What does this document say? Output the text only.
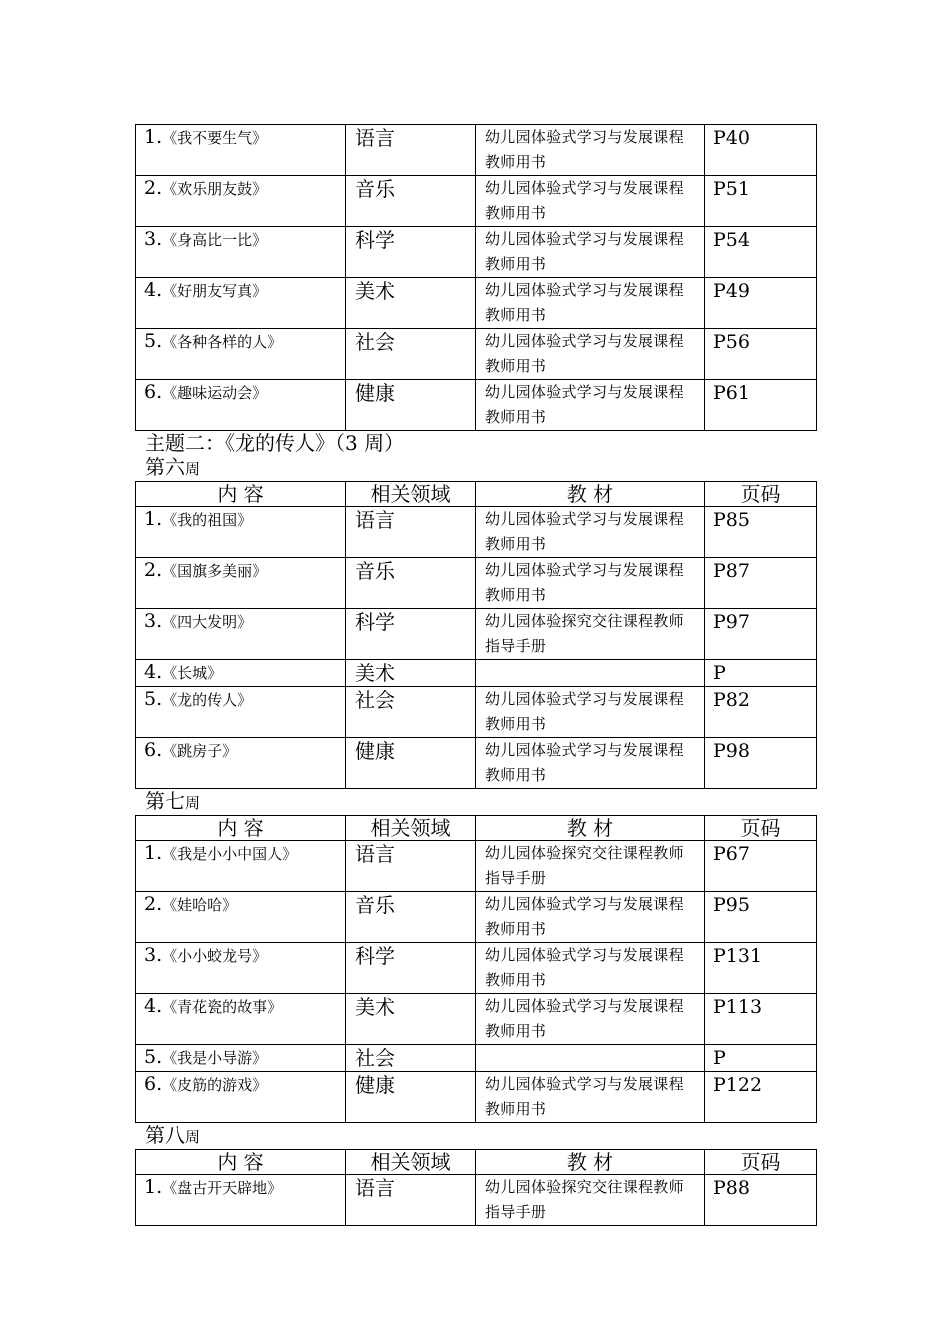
1.《我不要生气》	语言	幼儿园体验式学习与发展课程教师用书	P40
2.《欢乐朋友鼓》	音乐	幼儿园体验式学习与发展课程教师用书	P51
3.《身高比一比》	科学	幼儿园体验式学习与发展课程教师用书	P54
4.《好朋友写真》	美术	幼儿园体验式学习与发展课程教师用书	P49
5.《各种各样的人》	社会	幼儿园体验式学习与发展课程教师用书	P56
6.《趣味运动会》	健康	幼儿园体验式学习与发展课程教师用书	P61
主题二：《龙的传人》（3 周）
第六周
内 容	相关领域	教 材	页码
1.《我的祖国》	语言	幼儿园体验式学习与发展课程教师用书	P85
2.《国旗多美丽》	音乐	幼儿园体验式学习与发展课程教师用书	P87
3.《四大发明》	科学	幼儿园体验探究交往课程教师指导手册	P97
4.《长城》	美术		P
5.《龙的传人》	社会	幼儿园体验式学习与发展课程教师用书	P82
6.《跳房子》	健康	幼儿园体验式学习与发展课程教师用书	P98
第七周
内 容	相关领域	教 材	页码
1.《我是小小中国人》	语言	幼儿园体验探究交往课程教师指导手册	P67
2.《娃哈哈》	音乐	幼儿园体验式学习与发展课程教师用书	P95
3.《小小蛟龙号》	科学	幼儿园体验式学习与发展课程教师用书	P131
4.《青花瓷的故事》	美术	幼儿园体验式学习与发展课程教师用书	P113
5.《我是小导游》	社会		P
6.《皮筋的游戏》	健康	幼儿园体验式学习与发展课程教师用书	P122
第八周
内 容	相关领域	教 材	页码
1.《盘古开天辟地》	语言	幼儿园体验探究交往课程教师指导手册	P88
